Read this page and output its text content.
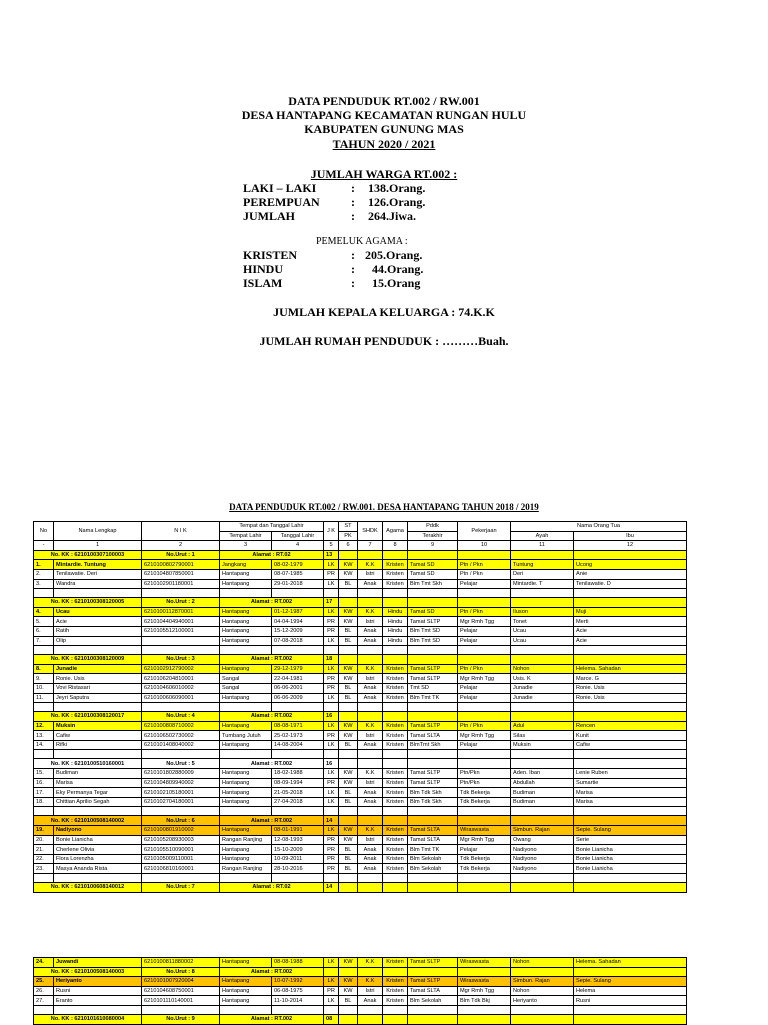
DATA PENDUDUK RT.002 / RW.001
DESA HANTAPANG KECAMATAN RUNGAN HULU
KABUPATEN GUNUNG MAS
TAHUN 2020 / 2021
JUMLAH WARGA RT.002 :
LAKI – LAKI	: 138.Orang.
PEREMPUAN	: 126.Orang.
JUMLAH	: 264.Jiwa.
PEMELUK AGAMA :
KRISTEN	: 205.Orang.
HINDU	: 44.Orang.
ISLAM	: 15.Orang
JUMLAH KEPALA KELUARGA : 74.K.K
JUMLAH RUMAH PENDUDUK : ………Buah.
DATA PENDUDUK RT.002 / RW.001. DESA HANTAPANG TAHUN 2018 / 2019
No	Nama Lengkap	N I K	Tempat dan Tanggal Lahir		J K	ST	SHDK	Agama	Pddk	Pekerjaan	Nama Orang Tua	
			Tempat Lahir	Tanggal Lahir		PK			Terakhir		Ayah	Ibu
-	1	2	3	4	5	6	7	8	9	10	11	12
No. KK : 6210100307100003		No.Urut : 1	Alamat : RT.02		13							
1.	Mintardie. Tuntung	6210100802790001	Jangkang	08-02-1979	LK	KW	K.K	Kristen	Tamat SD	Ptn / Pkn	Tuntung	Ucong
2.	Tenilawatie. Deri	6210104807850001	Hantapang	08-07-1985	PR	KW	Istri	Kristen	Tamat SD	Ptn / Pkn	Deri	Anie
3.	Wandra	6210102901180001	Hantapang	29-01-2018	LK	BL	Anak	Kristen	Blm Tmt Skh	Pelajar	Mintardie. T	Tenilawatie. D

No. KK : 6210100308120005		No.Urut : 2	Alamat : RT.002		17							
4.	Ucau	6210100112870001	Hantapang	01-12-1987	LK	KW	K.K	Hindu	Tamat SD	Ptn / Pkn	Iluson	Muji
5.	Acie	6210104404940001	Hantapang	04-04-1994	PR	KW	Istri	Hindu	Tamat SLTP	Mgr Rmh Tgg	Tonet	Merti
6.	Ratih	6210105512100001	Hantapang	15-12-2009	PR	BL	Anak	Hindu	Blm Tmt SD	Pelajar	Ucau	Acie
7.	Olip		Hantapang	07-08-2018	LK	BL	Anak	Hindu	Blm Tmt SD	Pelajar	Ucau	Acie

No. KK : 6210100308120009		No.Urut : 3	Alamat : RT.002		18							
8.	Junadie	6210102912790002	Hantapang	29-12-1979	LK	KW	K.K	Kristen	Tamat SLTP	Ptn / Pkn	Nohon	Helema. Sahadan
9.	Ronie. Usis	6210106204810001	Sangal	22-04-1981	PR	KW	Istri	Kristen	Tamat SLTP	Mgr Rmh Tgg	Usis. K	Marce. G
10.	Vovi Ristasari	6210104606010002	Sangal	06-06-2001	PR	BL	Anak	Kristen	Tmt SD	Pelajar	Junadie	Ronie. Usis
11.	Jeyri Saputra	6210100606090001	Hantapang	06-06-2009	LK	BL	Anak	Kristen	Blm Tmt TK	Pelajar	Junadie	Ronie. Usis

No. KK : 6210100308120017		No.Urut : 4	Alamat : RT.002		16							
12.	Muksin	6210100808710002	Hantapang	08-08-1971	LK	KW	K.K	Kristen	Tamat SLTP	Ptn / Pkn	Adul	Rencen
13.	Cafiw	6210106502730002	Tumbang Jutuh	25-02-1973	PR	KW	Istri	Kristen	Tamat SLTA	Mgr Rmh Tgg	Silas	Kunit
14.	Rifki	6210101408040002	Hantapang	14-08-2004	LK	BL	Anak	Kristen	BlmTmt Skh	Pelajar	Muksin	Cafiw

No. KK : 6210100510160001		No.Urut : 5	Alamat : RT.002		16							
15.	Budiman	6210101802880009	Hantapang	18-02-1988	LK	KW	K.K	Kristen	Tamat SLTP	Ptn/Pkn	Aden. Iban	Lenie Ruben
16.	Marisa	6210104809940002	Hantapang	08-09-1994	PR	KW	Istri	Kristen	Tamat SLTP	Ptn/Pkn	Abdullah	Sumartie
17.	Eky Permanya Tegar	6210102105180001	Hantapang	21-05-2018	LK	BL	Anak	Kristen	Blm Tdk Skh	Tdk Bekerja	Budiman	Marisa
18.	Chittian Aprilio Segah	6210102704180001	Hantapang	27-04-2018	LK	BL	Anak	Kristen	Blm Tdk Skh	Tdk Bekerja	Budiman	Marisa

No. KK : 6210100508140002		No.Urut : 6	Alamat : RT.002		14							
19.	Nadiyono	6210100801910002	Hantapang	08-01-1991	LK	KW	K.K	Kristen	Tamat SLTA	Wiraswasta	Simbun. Rajan	Sepie. Sulang
20.	Bonie Lianicha	6210105208930003	Rangan Ranjing	12-08-1993	PR	KW	Istri	Kristen	Tamat SLTA	Mgr Rmh Tgg	Owang	Serie
21.	Cherlene Olivia	6210105510090001	Hantapang	15-10-2009	PR	BL	Anak	Kristen	Blm Tmt TK	Pelajar	Nadiyono	Bonie Lianicha
22.	Flora Lorenzha	6210105009110001	Hantapang	10-09-2011	PR	BL	Anak	Kristen	Blm Sekolah	Tdk Bekerja	Nadiyono	Bonie Lianicha
23.	Masya Ananda Rista	6210106810160001	Rangan Ranjing	28-10-2016	PR	BL	Anak	Kristen	Blm Sekolah	Tdk Bekerja	Nadiyono	Bonie Lianicha

No. KK : 6210100608140012		No.Urut : 7	Alamat : RT.02		14							
24.	Juwandi	6210100811880002	Hantapang	08-08-1988	LK	KW	K.K	Kristen	Tamat SLTP	Wiraswasta	Nohon	Helema. Sahadan
No. KK : 6210100508140003		No.Urut : 8	Alamat : RT.002									
25.	Heriyanto	6210101007920004	Hantapang	10-07-1992	LK	KW	K.K	Kristen	Tamat SLTP	Wiraswasta	Simbun. Rajan	Sepie. Sulang
26.	Rusni	6210104608750001	Hantapang	06-08-1975	PR	KW	Istri	Kristen	Tamat SLTA	Mgr Rmh Tgg	Nohon	Helema
27.	Eranto	6210101110140001	Hantapang	11-10-2014	LK	BL	Anak	Kristen	Blm Sekolah	Blm Tdk Bkj	Heriyanto	Rusni

No. KK : 6210101610080004		No.Urut : 9	Alamat : RT.002		08							
